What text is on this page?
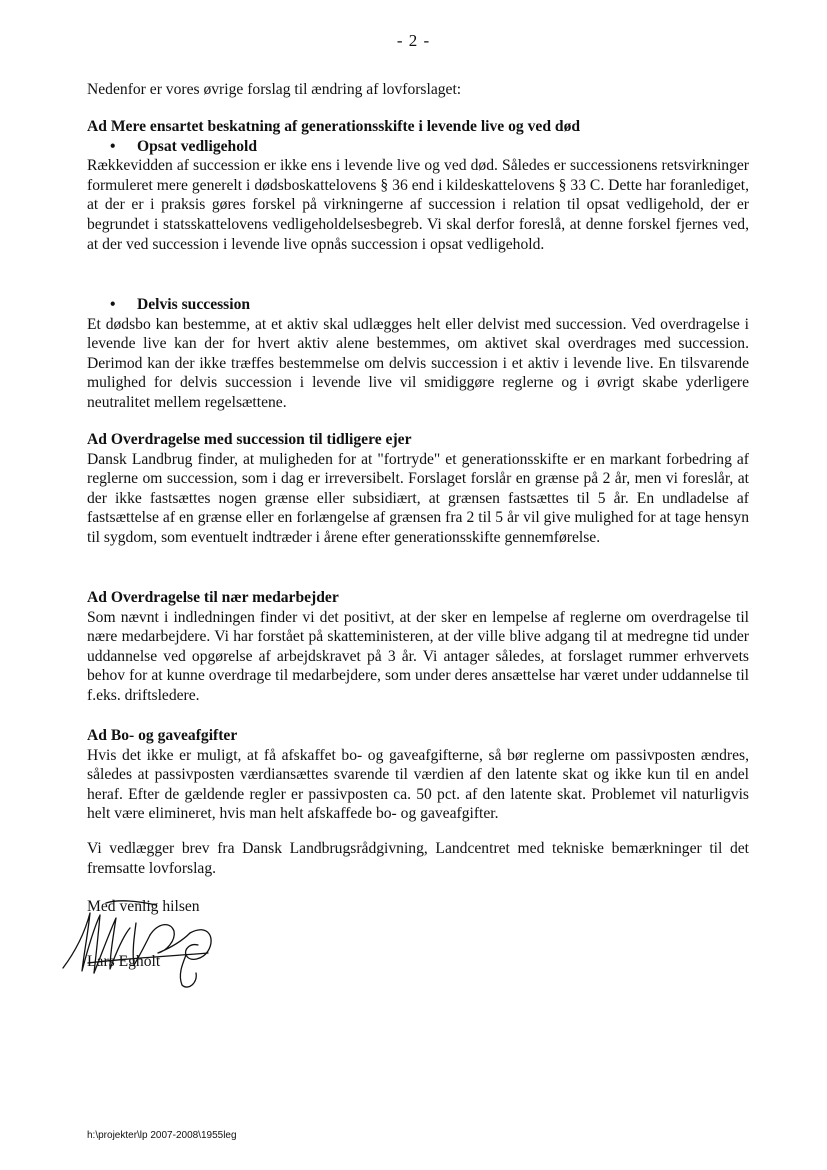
- 2 -

Nedenfor er vores øvrige forslag til ændring af lovforslaget:

Ad Mere ensartet beskatning af generationsskifte i levende live og ved død

• Opsat vedligehold

Rækkevidden af succession er ikke ens i levende live og ved død. Således er successionens retsvirkninger formuleret mere generelt i dødsboskattelovens § 36 end i kildeskattelovens § 33 C. Dette har foranlediget, at der er i praksis gøres forskel på virkningerne af succession i relation til opsat vedligehold, der er begrundet i statsskattelovens vedligeholdelsesbegreb. Vi skal derfor foreslå, at denne forskel fjernes ved, at der ved succession i levende live opnås succession i opsat vedligehold.

• Delvis succession

Et dødsbo kan bestemme, at et aktiv skal udlægges helt eller delvist med succession. Ved overdragelse i levende live kan der for hvert aktiv alene bestemmes, om aktivet skal overdrages med succession. Derimod kan der ikke træffes bestemmelse om delvis succession i et aktiv i levende live. En tilsvarende mulighed for delvis succession i levende live vil smidiggøre reglerne og i øvrigt skabe yderligere neutralitet mellem regelsættene.

Ad Overdragelse med succession til tidligere ejer

Dansk Landbrug finder, at muligheden for at "fortryde" et generationsskifte er en markant forbedring af reglerne om succession, som i dag er irreversibelt. Forslaget forslår en grænse på 2 år, men vi foreslår, at der ikke fastsættes nogen grænse eller subsidiært, at grænsen fastsættes til 5 år. En undladelse af fastsættelse af en grænse eller en forlængelse af grænsen fra 2 til 5 år vil give mulighed for at tage hensyn til sygdom, som eventuelt indtræder i årene efter generationsskifte gennemførelse.

Ad Overdragelse til nær medarbejder

Som nævnt i indledningen finder vi det positivt, at der sker en lempelse af reglerne om overdragelse til nære medarbejdere. Vi har forstået på skatteministeren, at der ville blive adgang til at medregne tid under uddannelse ved opgørelse af arbejdskravet på 3 år. Vi antager således, at forslaget rummer erhvervets behov for at kunne overdrage til medarbejdere, som under deres ansættelse har været under uddannelse til f.eks. driftsledere.

Ad Bo- og gaveafgifter

Hvis det ikke er muligt, at få afskaffet bo- og gaveafgifterne, så bør reglerne om passivposten ændres, således at passivposten værdiansættes svarende til værdien af den latente skat og ikke kun til en andel heraf. Efter de gældende regler er passivposten ca. 50 pct. af den latente skat. Problemet vil naturligvis helt være elimineret, hvis man helt afskaffede bo- og gaveafgifter.

Vi vedlægger brev fra Dansk Landbrugsrådgivning, Landcentret med tekniske bemærkninger til det fremsatte lovforslag.

Med venlig hilsen
Lars Egholt
h:\projekter\lp 2007-2008\1955leg
